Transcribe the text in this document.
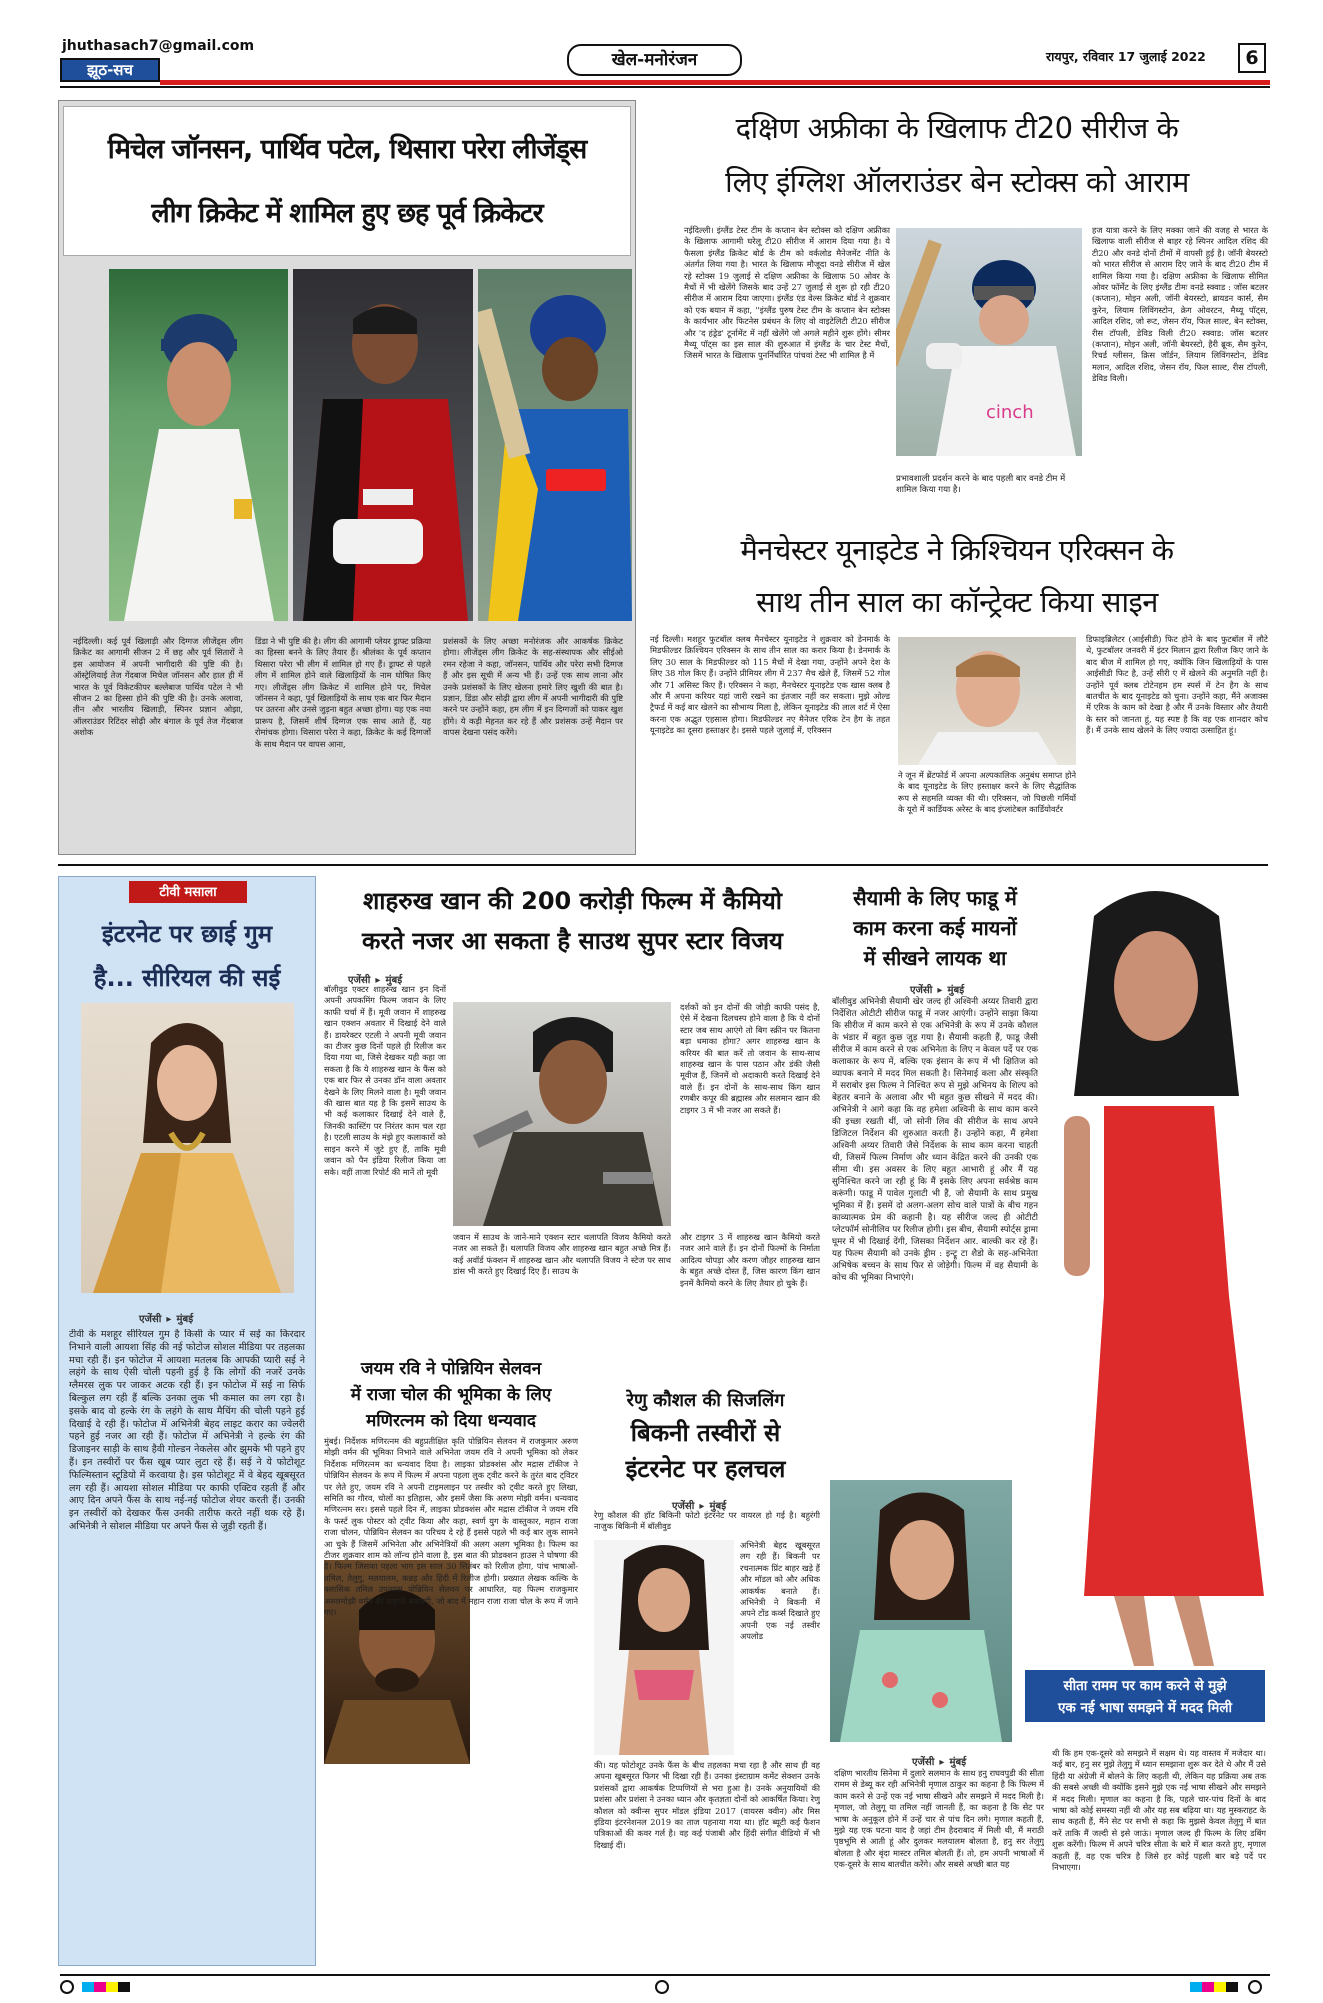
jhuthasach7@gmail.com
झूठ-सच	खेल-मनोरंजन	रायपुर, रविवार 17 जुलाई 2022	6
मिचेल जॉनसन, पार्थिव पटेल, थिसारा परेरा लीजेंड्स
लीग क्रिकेट में शामिल हुए छह पूर्व क्रिकेटर
नईदिल्ली। कई पूर्व खिलाड़ी और दिग्गज लीजेंड्स लीग क्रिकेट का आगामी सीजन 2 में छह और पूर्व सितारों ने इस आयोजन में अपनी भागीदारी की पुष्टि की है। ऑस्ट्रेलियाई तेज गेंदबाज मिचेल जॉनसन और हाल ही में भारत के पूर्व विकेटकीपर बल्लेबाज पार्थिव पटेल ने भी सीजन 2 का हिस्सा होने की पुष्टि की है। उनके अलावा, तीन और भारतीय खिलाड़ी, स्पिनर प्रज्ञान ओझा, ऑलराउंडर रिटिंदर सोढ़ी और बंगाल के पूर्व तेज गेंदबाज अशोक
डिंडा ने भी पुष्टि की है। लीग की आगामी प्लेयर ड्राफ्ट प्रक्रिया का हिस्सा बनने के लिए तैयार हैं। श्रीलंका के पूर्व कप्तान थिसारा परेरा भी लीग में शामिल हो गए हैं। ड्राफ्ट से पहले लीग में शामिल होने वाले खिलाड़ियों के नाम घोषित किए गए। लीजेंड्स लीग क्रिकेट में शामिल होने पर, मिचेल जॉनसन ने कहा, पूर्व खिलाड़ियों के साथ एक बार फिर मैदान पर उतरना और उनसे जुड़ना बहुत अच्छा होगा। यह एक नया प्रारूप है, जिसमें शीर्ष दिग्गज एक साथ आते हैं, यह रोमांचक होगा। थिसारा परेरा ने कहा, क्रिकेट के कई दिग्गजों के साथ मैदान पर वापस आना,
प्रशंसकों के लिए अच्छा मनोरंजक और आकर्षक क्रिकेट होगा। लीजेंड्स लीग क्रिकेट के सह-संस्थापक और सीईओ रमन रहेजा ने कहा, जॉनसन, पार्थिव और परेरा सभी दिग्गज हैं और इस सूची में अन्य भी हैं। उन्हें एक साथ लाना और उनके प्रशंसकों के लिए खेलना हमारे लिए खुशी की बात है। प्रज्ञान, डिंडा और सोढ़ी द्वारा लीग में अपनी भागीदारी की पुष्टि करने पर उन्होंने कहा, हम लीग में इन दिग्गजों को पाकर खुश होंगे। ये कड़ी मेहनत कर रहे हैं और प्रशंसक उन्हें मैदान पर वापस देखना पसंद करेंगे।
दक्षिण अफ्रीका के खिलाफ टी20 सीरीज के
लिए इंग्लिश ऑलराउंडर बेन स्टोक्स को आराम
नईदिल्ली। इंग्लैंड टेस्ट टीम के कप्तान बेन स्टोक्स को दक्षिण अफ्रीका के खिलाफ आगामी घरेलू टी20 सीरीज में आराम दिया गया है। ये फैसला इंग्लैंड क्रिकेट बोर्ड के टीम को वर्कलोड मैनेजमेंट नीति के अंतर्गत लिया गया है। भारत के खिलाफ मौजूदा वनडे सीरीज में खेल रहे स्टोक्स 19 जुलाई से दक्षिण अफ्रीका के खिलाफ 50 ओवर के मैचों में भी खेलेंगे जिसके बाद उन्हें 27 जुलाई से शुरू हो रही टी20 सीरीज में आराम दिया जाएगा। इंग्लैंड एंड वेल्स क्रिकेट बोर्ड ने शुक्रवार को एक बयान में कहा, ''इंग्लैंड पुरुष टेस्ट टीम के कप्तान बेन स्टोक्स के कार्यभार और फिटनेस प्रबंधन के लिए वो वाइटेलिटी टी20 सीरीज और 'द हंड्रेड' टूर्नामेंट में नहीं खेलेंगे जो अगले महीने शुरू होंगे। सीमर मैथ्यू पॉट्स का इस साल की शुरुआत में इंग्लैंड के चार टेस्ट मैचों, जिसमें भारत के खिलाफ पुनर्निर्धारित पांचवां टेस्ट भी शामिल है में
cinch
प्रभावशाली प्रदर्शन करने के बाद पहली बार वनडे टीम में शामिल किया गया है।
हज यात्रा करने के लिए मक्का जाने की वजह से भारत के खिलाफ वाली सीरीज से बाहर रहे स्पिनर आदिल रशिद की टी20 और वनडे दोनों टीमों में वापसी हुई है। जॉनी बेयरस्टो को भारत सीरीज से आराम दिए जाने के बाद टी20 टीम में शामिल किया गया है। दक्षिण अफ्रीका के खिलाफ सीमित ओवर फॉर्मेट के लिए इंग्लैंड टीमः वनडे स्क्वाड : जॉस बटलर (कप्तान), मोइन अली, जॉनी बेयरस्टो, ब्रायडन कार्स, सैम कुरेन, लियाम लिविंगस्टोन, क्रेग ओवरटन, मैथ्यू पॉट्स, आदिल रशिद, जो रूट, जेसन रॉय, फिल साल्ट, बेन स्टोक्स, रीस टॉपली, डेविड विली टी20 स्क्वाड: जॉस बटलर (कप्तान), मोइन अली, जॉनी बेयरस्टो, हैरी ब्रूक, सैम कुरेन, रिचर्ड ग्लीसन, क्रिस जॉर्डन, लियाम लिविंगस्टोन, डेविड मलान, आदिल रशिद, जेसन रॉय, फिल साल्ट, रीस टॉपली, डेविड विली।
मैनचेस्टर यूनाइटेड ने क्रिश्चियन एरिक्सन के
साथ तीन साल का कॉन्ट्रेक्ट किया साइन
नई दिल्ली। मशहूर फुटबॉल क्लब मैनचेस्टर यूनाइटेड ने शुक्रवार को डेनमार्क के मिडफील्डर क्रिश्चियन एरिक्सन के साथ तीन साल का करार किया है। डेनमार्क के लिए 30 साल के मिडफील्डर को 115 मैचों में देखा गया, उन्होंने अपने देश के लिए 38 गोल किए हैं। उन्होंने प्रीमियर लीग में 237 मैच खेले हैं, जिसमें 52 गोल और 71 असिस्ट किए हैं। एरिक्सन ने कहा, मैनचेस्टर यूनाइटेड एक खास क्लब है और मैं अपना करियर यहां जारी रखने का इंतजार नहीं कर सकता। मुझे ओल्ड ट्रैफर्ड में कई बार खेलने का सौभाग्य मिला है, लेकिन यूनाइटेड की लाल शर्ट में ऐसा करना एक अद्भुत एहसास होगा। मिडफील्डर नए मैनेजर एरिक टेन हैग के तहत यूनाइटेड का दूसरा हस्ताक्षर है। इससे पहले जुलाई में, एरिक्सन
ने जून में ब्रेंटफोर्ड में अपना अल्पकालिक अनुबंध समाप्त होने के बाद यूनाइटेड के लिए हस्ताक्षर करने के लिए सैद्धांतिक रूप से सहमति व्यक्त की थी। एरिक्सन, जो पिछली गर्मियों के यूरो में कार्डियक अरेस्ट के बाद इंप्लांटेबल कार्डियोवर्टर
डिफाइब्रिलेटर (आईसीडी) फिट होने के बाद फुटबॉल में लौटे थे, फुटबॉलर जनवरी में इंटर मिलान द्वारा रिलीज किए जाने के बाद बीज में शामिल हो गए, क्योंकि जिन खिलाड़ियों के पास आईसीडी फिट है, उन्हें सीरी ए में खेलने की अनुमति नहीं है। उन्होंने पूर्व क्लब टोटेनहम हम स्पर्स में टेन हैग के साथ बातचीत के बाद यूनाइटेड को चुना। उन्होंने कहा, मैंने अजाक्स में एरिक के काम को देखा है और मैं उनके विस्तार और तैयारी के स्तर को जानता हूं, यह स्पष्ट है कि वह एक शानदार कोच हैं। मैं उनके साथ खेलने के लिए ज्यादा उत्साहित हूं।
टीवी मसाला
इंटरनेट पर छाई गुम
है... सीरियल की सई
एजेंसी ▸ मुंबई
टीवी के मशहूर सीरियल गुम है किसी के प्यार में सई का किरदार निभाने वाली आयशा सिंह की नई फोटोज सोशल मीडिया पर तहलका मचा रही हैं। इन फोटोज में आयशा मतलब कि आपकी प्यारी सई ने लहंगे के साथ ऐसी चोली पहनी हुई है कि लोगों की नजरें उनके ग्लैमरस लुक पर जाकर अटक रही हैं। इन फोटोज में सई ना सिर्फ बिल्कुल लग रही हैं बल्कि उनका लुक भी कमाल का लग रहा है। इसके बाद वो हल्के रंग के लहंगे के साथ मैचिंग की चोली पहने हुई दिखाई दे रही हैं। फोटोज में अभिनेत्री बेहद लाइट करार का ज्वेलरी पहने हुई नजर आ रही हैं। फोटोज में अभिनेत्री ने हल्के रंग की डिजाइनर साड़ी के साथ हैवी गोल्डन नेकलेस और झुमके भी पहने हुए हैं। इन तस्वीरों पर फैंस खूब प्यार लुटा रहे हैं। सई ने ये फोटोशूट फिल्मिस्तान स्टूडियो में करवाया है। इस फोटोशूट में वे बेहद खूबसूरत लग रही हैं। आयशा सोशल मीडिया पर काफी एक्टिव रहती हैं और आए दिन अपने फैंस के साथ नई-नई फोटोज शेयर करती हैं। उनकी इन तस्वीरों को देखकर फैंस उनकी तारीफ करते नहीं थक रहे हैं। अभिनेत्री ने सोशल मीडिया पर अपने फैंस से जुड़ी रहती हैं।
शाहरुख खान की 200 करोड़ी फिल्म में कैमियो
करते नजर आ सकता है साउथ सुपर स्टार विजय
एजेंसी ▸ मुंबई
बॉलीवुड एक्टर शाहरुख खान इन दिनों अपनी अपकमिंग फिल्म जवान के लिए काफी चर्चा में हैं। मूवी जवान में शाहरुख खान एक्शन अवतार में दिखाई देने वाले हैं। डायरेक्टर एटली ने अपनी मूवी जवान का टीजर कुछ दिनों पहले ही रिलीज कर दिया गया था, जिसे देखकर यही कहा जा सकता है कि ये शाहरुख खान के फैंस को एक बार फिर से उनका डॉन वाला अवतार देखने के लिए मिलने वाला है। मूवी जवान की खास बात यह है कि इसमें साउथ के भी कई कलाकार दिखाई देने वाले हैं, जिनकी कास्टिंग पर निरंतर काम चल रहा है। एटली साउथ के मंझे हुए कलाकारों को साइन करने में जुटे हुए हैं, ताकि मूवी जवान को पैन इंडिया रिलीज किया जा सके। वहीं ताजा रिपोर्ट की मानें तो मूवी
जवान में साउथ के जाने-माने एक्शन स्टार थलापति विजय कैमियो करते नजर आ सकते हैं। थलापति विजय और शाहरुख खान बहुत अच्छे मित्र हैं। कई अवॉर्ड फंक्शन में शाहरुख खान और थलापति विजय ने स्टेज पर साथ डांस भी करते हुए दिखाई दिए हैं। साउथ के
दर्शकों को इन दोनों की जोड़ी काफी पसंद है, ऐसे में देखना दिलचस्प होने वाला है कि ये दोनों स्टार जब साथ आएंगे तो बिग स्क्रीन पर कितना बड़ा धमाका होगा? अगर शाहरुख खान के करियर की बात करें तो जवान के साथ-साथ शाहरुख खान के पास पठान और डंकी जैसी मूवीज हैं, जिनमें वो अदाकारी करते दिखाई देने वाले हैं। इन दोनों के साथ-साथ किंग खान रणबीर कपूर की ब्रह्मास्त्र और सलमान खान की टाइगर 3 में भी नजर आ सकते हैं।
और टाइगर 3 में शाहरुख खान कैमियो करते नजर आने वाले हैं। इन दोनों फिल्मों के निर्माता आदित्य चोपड़ा और करण जौहर शाहरुख खान के बहुत अच्छे दोस्त हैं, जिस कारण किंग खान इनमें कैमियो करने के लिए तैयार हो चुके हैं।
सैयामी के लिए फाडू में
काम करना कई मायनों
में सीखने लायक था
एजेंसी ▸ मुंबई
बॉलीवुड अभिनेत्री सैयामी खेर जल्द ही अश्विनी अय्यर तिवारी द्वारा निर्देशित ओटीटी सीरीज फाडू में नजर आएंगी। उन्होंने साझा किया कि सीरीज में काम करने से एक अभिनेत्री के रूप में उनके कौशल के भंडार में बहुत कुछ जुड़ गया है। सैयामी कहती हैं, फाडू जैसी सीरीज में काम करने से एक अभिनेता के लिए न केवल पर्दे पर एक कलाकार के रूप में, बल्कि एक इंसान के रूप में भी क्षितिज को व्यापक बनाने में मदद मिल सकती है। सिनेमाई कला और संस्कृति में सराबोर इस फिल्म ने निश्चित रूप से मुझे अभिनय के शिल्प को बेहतर बनाने के अलावा और भी बहुत कुछ सीखने में मदद की। अभिनेत्री ने आगे कहा कि वह हमेशा अश्विनी के साथ काम करने की इच्छा रखती थीं, जो सोनी लिव की सीरीज के साथ अपने डिजिटल निर्देशन की शुरुआत करती हैं। उन्होंने कहा, मैं हमेशा अश्विनी अय्यर तिवारी जैसे निर्देशक के साथ काम करना चाहती थी, जिसमें फिल्म निर्माण और ध्यान केंद्रित करने की उनकी एक सीमा थी। इस अवसर के लिए बहुत आभारी हूं और मैं यह सुनिश्चित करने जा रही हूं कि मैं इसके लिए अपना सर्वश्रेष्ठ काम करूंगी। फाडू में पावेल गुलाटी भी हैं, जो सैयामी के साथ प्रमुख भूमिका में हैं। इसमें दो अलग-अलग सोच वाले पात्रों के बीच गहन काव्यात्मक प्रेम की कहानी है। यह सीरीज जल्द ही ओटीटी प्लेटफॉर्म सोनीलिव पर रिलीज होगी। इस बीच, सैयामी स्पोर्ट्स ड्रामा घूमर में भी दिखाई देंगी, जिसका निर्देशन आर. बाल्की कर रहे हैं। यह फिल्म सैयामी को उनके ड्रीम : इन्ट्रू टा शैडो के सह-अभिनेता अभिषेक बच्चन के साथ फिर से जोड़ेगी। फिल्म में वह सैयामी के कोच की भूमिका निभाएंगे।
सीता रामम पर काम करने से मुझे
एक नई भाषा समझने में मदद मिली
जयम रवि ने पोन्नियिन सेलवन
में राजा चोल की भूमिका के लिए
मणिरत्नम को दिया धन्यवाद
मुंबई। निर्देशक मणिरत्नम की बहुप्रतीक्षित कृति पोन्नियिन सेलवन में राजकुमार अरुण मोझी वर्मन की भूमिका निभाने वाले अभिनेता जयम रवि ने अपनी भूमिका को लेकर निर्देशक मणिरत्नम का धन्यवाद दिया है। लाइका प्रोडक्शंस और मद्रास टॉकीज ने पोन्नियिन सेलवन के रूप में फिल्म में अपना पहला लुक ट्वीट करने के तुरंत बाद ट्विटर पर लेते हुए, जयम रवि ने अपनी टाइमलाइन पर तस्वीर को ट्वीट करते हुए लिखा, समिति का गौरव, चोलों का इतिहास, और इसमें जैसा कि अरुण मोझी वर्मन। धन्यवाद मणिरत्नम सर। इससे पहले दिन में, लाइका प्रोडक्शंस और मद्रास टॉकीज ने जयम रवि के फर्स्ट लुक पोस्टर को ट्वीट किया और कहा, स्वर्ण युग के वास्तुकार, महान राजा राजा चोलन, पोन्नियिन सेलवन का परिचय दे रहे हैं इससे पहले भी कई बार लुक सामने आ चुके हैं जिसमें अभिनेता और अभिनेत्रियों की अलग अलग भूमिका है। फिल्म का टीजर शुक्रवार शाम को लॉन्च होने वाला है, इस बात की प्रोडक्शन हाउस ने घोषणा की है। फिल्म जिसका पहला भाग इस साल 30 सितंबर को रिलीज होगा, पांच भाषाओं- तमिल, तेलुगु, मलयालम, कन्नड़ और हिंदी में रिलीज होगी। प्रख्यात लेखक कल्कि के क्लासिक तमिल उपन्यास पोन्नियिन सेलवन पर आधारित, यह फिल्म राजकुमार अरुलमोझी वर्मन की कहानी बताएगी, जो बाद में महान राजा राजा चोल के रूप में जाने गए।
रेणु कौशल की सिजलिंग
बिकनी तस्वीरों से
इंटरनेट पर हलचल
एजेंसी ▸ मुंबई
रेणु कौशल की हॉट बिकिनी फोटो इंटरनेट पर वायरल हो गई है। बहुरंगी नाजुक बिकिनी में बॉलीवुड
अभिनेत्री बेहद खूबसूरत लग रही हैं। बिकनी पर रचनात्मक प्रिंट बाहर खड़े हैं और मॉडल को और अधिक आकर्षक बनाते हैं। अभिनेत्री ने बिकनी में अपने टोंड कर्व्स दिखाते हुए अपनी एक नई तस्वीर अपलोड
की। यह फोटोशूट उनके फैंस के बीच तहलका मचा रहा है और साथ ही वह अपना खूबसूरत फिगर भी दिखा रही हैं। उनका इंस्टाग्राम कमेंट सेक्शन उनके प्रशंसकों द्वारा आकर्षक टिप्पणियों से भरा हुआ है। उनके अनुयायियों की प्रशंसा और प्रशंसा ने उनका ध्यान और कृतज्ञता दोनों को आकर्षित किया। रेणु कौशल को क्वीन्स सुपर मॉडल इंडिया 2017 (वायरस क्वीन) और मिस इंडिया इंटरनेशनल 2019 का ताज पहनाया गया था। हॉट ब्यूटी कई फैशन पत्रिकाओं की कवर गर्ल है। वह कई पंजाबी और हिंदी संगीत वीडियो में भी दिखाई दीं।
एजेंसी ▸ मुंबई
दक्षिण भारतीय सिनेमा में दुलारे सलमान के साथ हनु राघवपुडी की सीता रामम से डेब्यू कर रही अभिनेत्री मृणाल ठाकुर का कहना है कि फिल्म में काम करने से उन्हें एक नई भाषा सीखने और समझने में मदद मिली है। मृणाल, जो तेलुगू या तमिल नहीं जानती हैं, का कहना है कि सेट पर भाषा के अनुकूल होने में उन्हें चार से पांच दिन लगे। मृणाल कहती हैं, मुझे यह एक घटना याद है जहां टीम हैदराबाद में मिली थी, मैं मराठी पृष्ठभूमि से आती हूं और दुलकर मलयालम बोलता है, हनु सर तेलुगु बोलता है और बृंदा मास्टर तमिल बोलती हैं। तो, हम अपनी भाषाओं में एक-दूसरे के साथ बातचीत करेंगे। और सबसे अच्छी बात यह
थी कि हम एक-दूसरे को समझने में सक्षम थे। यह वास्तव में मजेदार था। कई बार, हनु सर मुझे तेलुगु में ध्यान समझाना शुरू कर देते थे और मैं उसे हिंदी या अंग्रेजी में बोलने के लिए कहती थी, लेकिन यह प्रक्रिया अब तक की सबसे अच्छी थी क्योंकि इसने मुझे एक नई भाषा सीखने और समझने में मदद मिली। मृणाल का कहना है कि, पहले चार-पांच दिनों के बाद भाषा को कोई समस्या नहीं थी और यह सब बढ़िया था। यह मुस्कराहट के साथ कहती हैं, मैंने सेट पर सभी से कहा कि मुझसे केवल तेलुगु में बात करें ताकि मैं जल्दी से इसे जाऊं। मृणाल जल्द ही फिल्म के लिए डबिंग शुरू करेंगी। फिल्म में अपने चरित्र सीता के बारे में बात करते हुए, मृणाल कहती हैं, वह एक चरित्र है जिसे हर कोई पहली बार बड़े पर्दे पर निभाएगा।
